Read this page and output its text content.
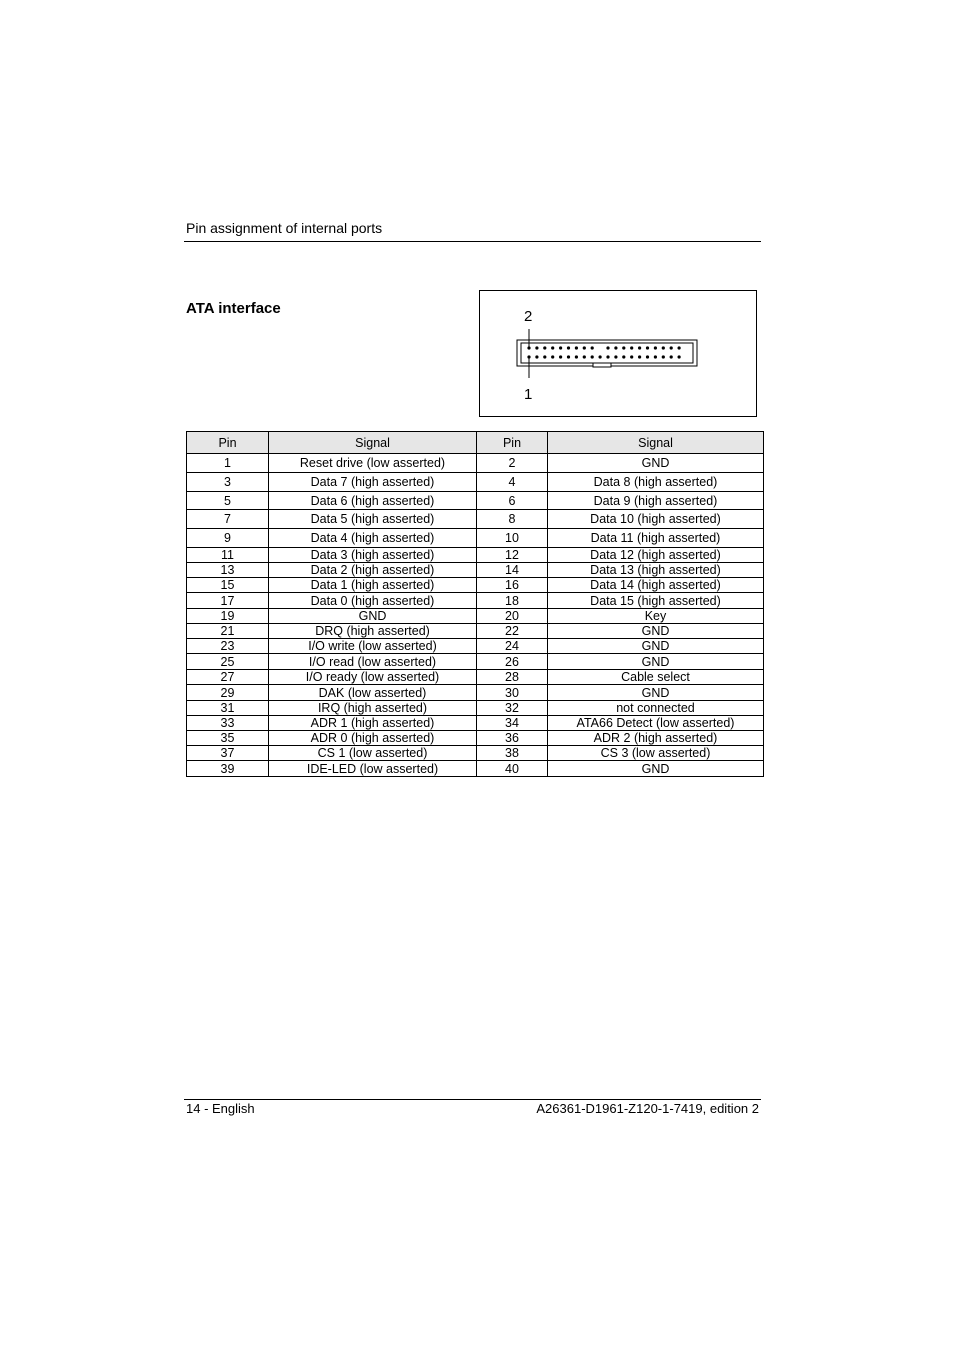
Pin assignment of internal ports
ATA interface	2
1
Pin	Signal	Pin	Signal
1	Reset drive (low asserted)	2	GND
3	Data 7 (high asserted)	4	Data 8 (high asserted)
5	Data 6 (high asserted)	6	Data 9 (high asserted)
7	Data 5 (high asserted)	8	Data 10 (high asserted)
9	Data 4 (high asserted)	10	Data 11 (high asserted)
11	Data 3 (high asserted)	12	Data 12 (high asserted)
13	Data 2 (high asserted)	14	Data 13 (high asserted)
15	Data 1 (high asserted)	16	Data 14 (high asserted)
17	Data 0 (high asserted)	18	Data 15 (high asserted)
19	GND	20	Key
21	DRQ (high asserted)	22	GND
23	I/O write (low asserted)	24	GND
25	I/O read (low asserted)	26	GND
27	I/O ready (low asserted)	28	Cable select
29	DAK (low asserted)	30	GND
31	IRQ (high asserted)	32	not connected
33	ADR 1 (high asserted)	34	ATA66 Detect (low asserted)
35	ADR 0 (high asserted)	36	ADR 2 (high asserted)
37	CS 1 (low asserted)	38	CS 3 (low asserted)
39	IDE-LED (low asserted)	40	GND
14 - English	A26361-D1961-Z120-1-7419, edition 2
